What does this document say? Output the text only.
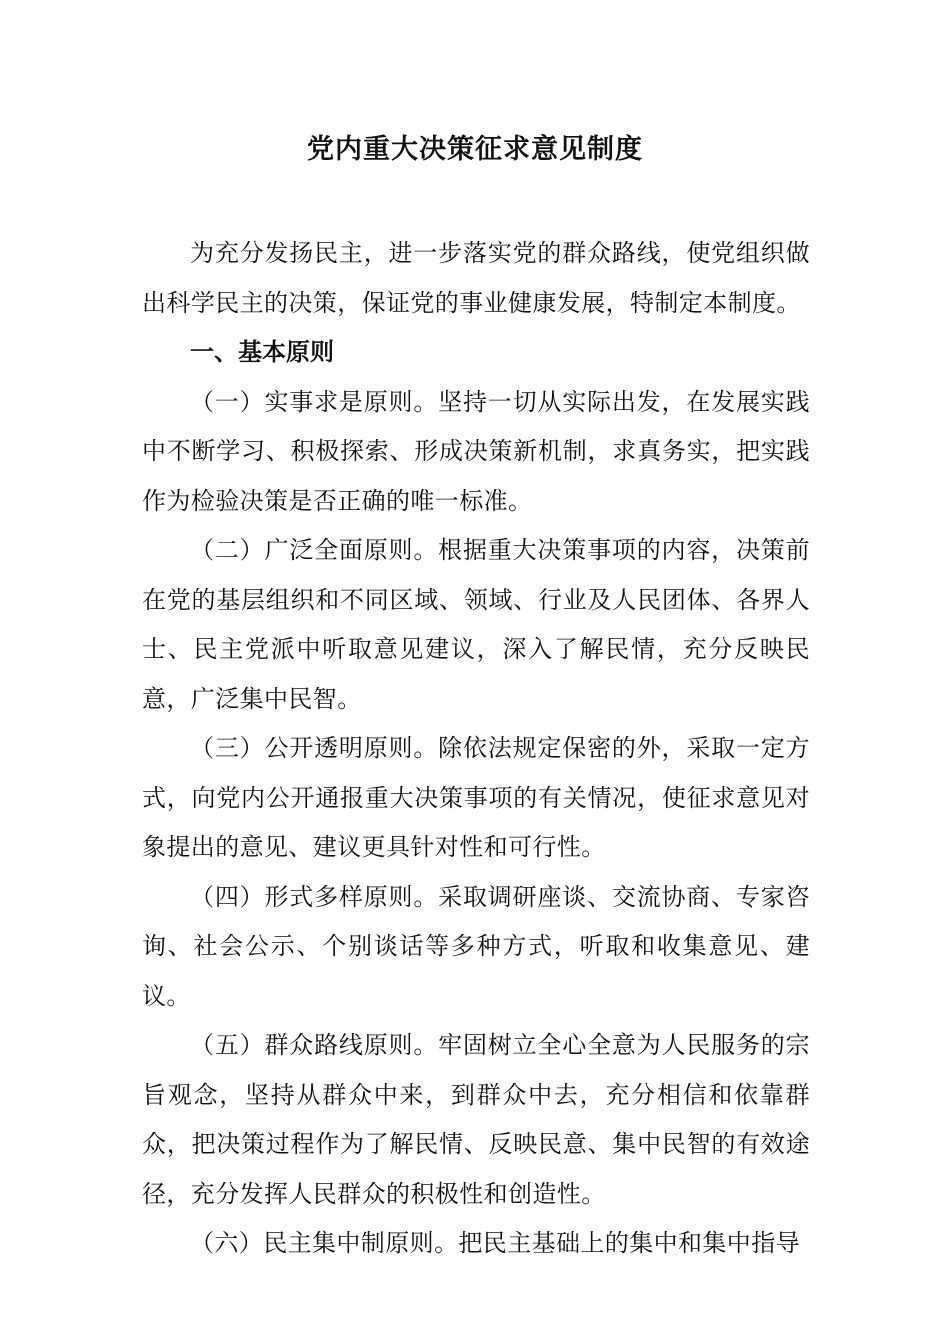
党内重大决策征求意见制度

为充分发扬民主，进一步落实党的群众路线，使党组织做出科学民主的决策，保证党的事业健康发展，特制定本制度。

一、基本原则

（一）实事求是原则。坚持一切从实际出发，在发展实践中不断学习、积极探索、形成决策新机制，求真务实，把实践作为检验决策是否正确的唯一标准。

（二）广泛全面原则。根据重大决策事项的内容，决策前在党的基层组织和不同区域、领域、行业及人民团体、各界人士、民主党派中听取意见建议，深入了解民情，充分反映民意，广泛集中民智。

（三）公开透明原则。除依法规定保密的外，采取一定方式，向党内公开通报重大决策事项的有关情况，使征求意见对象提出的意见、建议更具针对性和可行性。

（四）形式多样原则。采取调研座谈、交流协商、专家咨询、社会公示、个别谈话等多种方式，听取和收集意见、建议。

（五）群众路线原则。牢固树立全心全意为人民服务的宗旨观念，坚持从群众中来，到群众中去，充分相信和依靠群众，把决策过程作为了解民情、反映民意、集中民智的有效途径，充分发挥人民群众的积极性和创造性。

（六）民主集中制原则。把民主基础上的集中和集中指导
